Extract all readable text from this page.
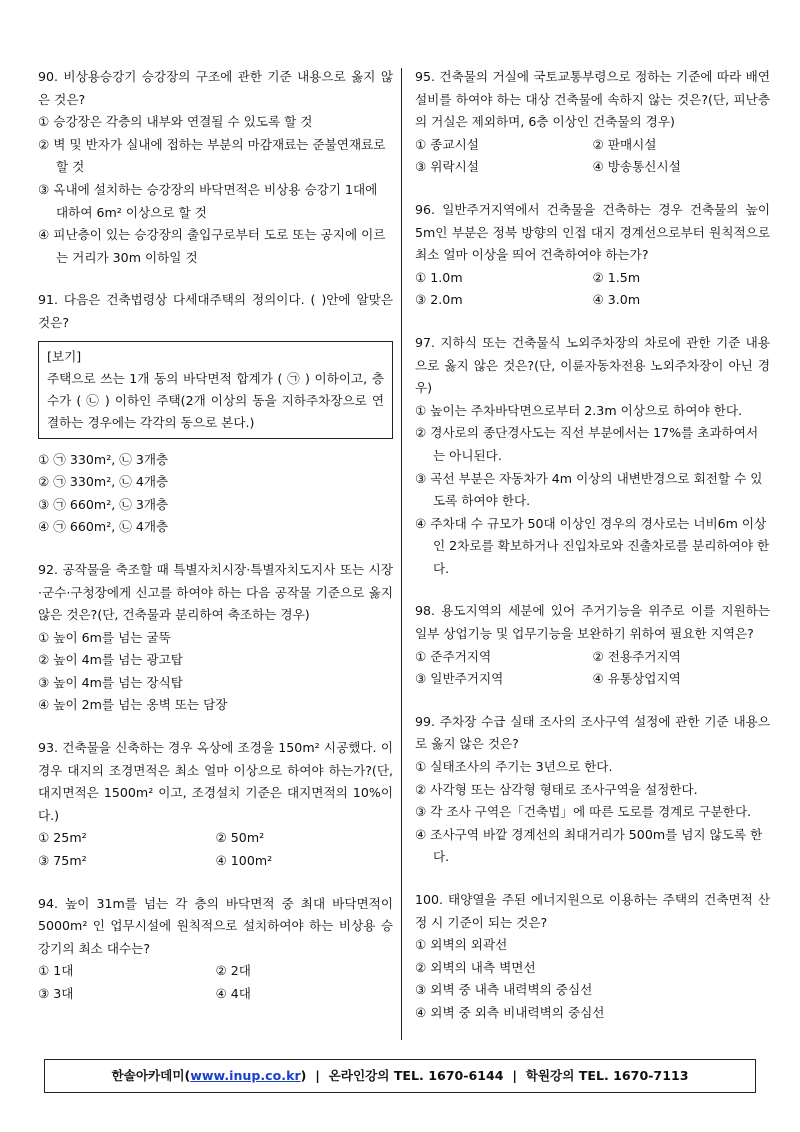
90. 비상용승강기 승강장의 구조에 관한 기준 내용으로 옳지 않은 것은?
① 승강장은 각층의 내부와 연결될 수 있도록 할 것
② 벽 및 반자가 실내에 접하는 부분의 마감재료는 준불연재료로 할 것
③ 옥내에 설치하는 승강장의 바닥면적은 비상용 승강기 1대에 대하여 6m² 이상으로 할 것
④ 피난층이 있는 승강장의 출입구로부터 도로 또는 공지에 이르는 거리가 30m 이하일 것
91. 다음은 건축법령상 다세대주택의 정의이다. ( )안에 알맞은 것은?
[보기]
주택으로 쓰는 1개 동의 바닥면적 합계가 ( ㉠ ) 이하이고, 층수가 ( ㉡ ) 이하인 주택(2개 이상의 동을 지하주차장으로 연결하는 경우에는 각각의 동으로 본다.)
① ㉠ 330m², ㉡ 3개층
② ㉠ 330m², ㉡ 4개층
③ ㉠ 660m², ㉡ 3개층
④ ㉠ 660m², ㉡ 4개층
92. 공작물을 축조할 때 특별자치시장·특별자치도지사 또는 시장·군수·구청장에게 신고를 하여야 하는 다음 공작물 기준으로 옳지 않은 것은?(단, 건축물과 분리하여 축조하는 경우)
① 높이 6m를 넘는 굴뚝
② 높이 4m를 넘는 광고탑
③ 높이 4m를 넘는 장식탑
④ 높이 2m를 넘는 옹벽 또는 담장
93. 건축물을 신축하는 경우 옥상에 조경을 150m² 시공했다. 이 경우 대지의 조경면적은 최소 얼마 이상으로 하여야 하는가?(단, 대지면적은 1500m² 이고, 조경설치 기준은 대지면적의 10%이다.)
① 25m²	② 50m²
③ 75m²	④ 100m²
94. 높이 31m를 넘는 각 층의 바닥면적 중 최대 바닥면적이 5000m² 인 업무시설에 원칙적으로 설치하여야 하는 비상용 승강기의 최소 대수는?
① 1대	② 2대
③ 3대	④ 4대
95. 건축물의 거실에 국토교통부령으로 정하는 기준에 따라 배연설비를 하여야 하는 대상 건축물에 속하지 않는 것은?(단, 피난층의 거실은 제외하며, 6층 이상인 건축물의 경우)
① 종교시설	② 판매시설
③ 위락시설	④ 방송통신시설
96. 일반주거지역에서 건축물을 건축하는 경우 건축물의 높이 5m인 부분은 정북 방향의 인접 대지 경계선으로부터 원칙적으로 최소 얼마 이상을 띄어 건축하여야 하는가?
① 1.0m	② 1.5m
③ 2.0m	④ 3.0m
97. 지하식 또는 건축물식 노외주차장의 차로에 관한 기준 내용으로 옳지 않은 것은?(단, 이륜자동차전용 노외주차장이 아닌 경우)
① 높이는 주차바닥면으로부터 2.3m 이상으로 하여야 한다.
② 경사로의 종단경사도는 직선 부분에서는 17%를 초과하여서는 아니된다.
③ 곡선 부분은 자동차가 4m 이상의 내변반경으로 회전할 수 있도록 하여야 한다.
④ 주차대 수 규모가 50대 이상인 경우의 경사로는 너비6m 이상인 2차로를 확보하거나 진입차로와 진출차로를 분리하여야 한다.
98. 용도지역의 세분에 있어 주거기능을 위주로 이를 지원하는 일부 상업기능 및 업무기능을 보완하기 위하여 필요한 지역은?
① 준주거지역	② 전용주거지역
③ 일반주거지역	④ 유통상업지역
99. 주차장 수급 실태 조사의 조사구역 설정에 관한 기준 내용으로 옳지 않은 것은?
① 실태조사의 주기는 3년으로 한다.
② 사각형 또는 삼각형 형태로 조사구역을 설정한다.
③ 각 조사 구역은「건축법」에 따른 도로를 경계로 구분한다.
④ 조사구역 바깥 경계선의 최대거리가 500m를 넘지 않도록 한다.
100. 태양열을 주된 에너지원으로 이용하는 주택의 건축면적 산정 시 기준이 되는 것은?
① 외벽의 외곽선
② 외벽의 내측 벽면선
③ 외벽 중 내측 내력벽의 중심선
④ 외벽 중 외측 비내력벽의 중심선
한솔아카데미(www.inup.co.kr) | 온라인강의 TEL. 1670-6144 | 학원강의 TEL. 1670-7113
